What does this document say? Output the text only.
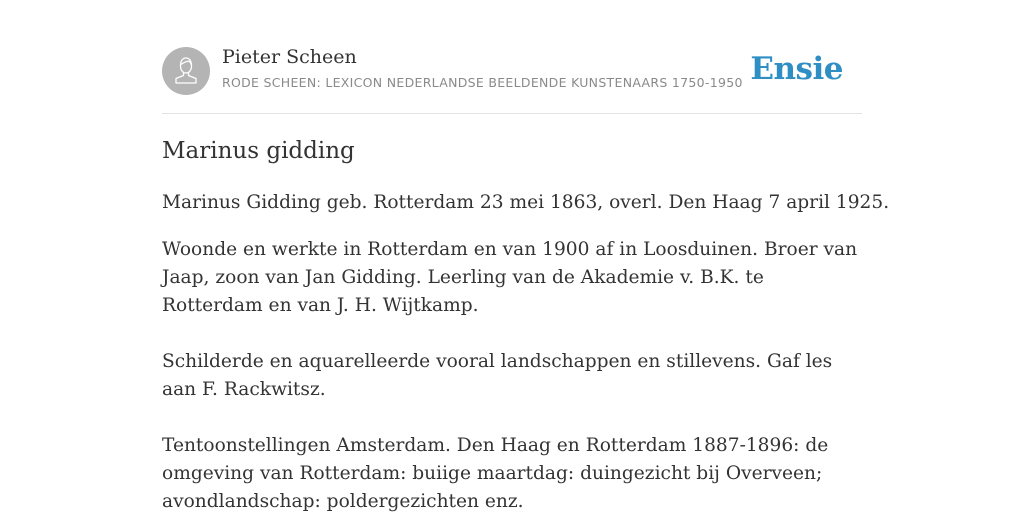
Pieter Scheen
RODE SCHEEN: LEXICON NEDERLANDSE BEELDENDE KUNSTENAARS 1750-1950 Ensie
Marinus gidding

Marinus Gidding geb. Rotterdam 23 mei 1863, overl. Den Haag 7 april 1925.

Woonde en werkte in Rotterdam en van 1900 af in Loosduinen. Broer van Jaap, zoon van Jan Gidding. Leerling van de Akademie v. B.K. te Rotterdam en van J. H. Wijtkamp.

Schilderde en aquarelleerde vooral landschappen en stillevens. Gaf les aan F. Rackwitsz.

Tentoonstellingen Amsterdam. Den Haag en Rotterdam 1887-1896: de omgeving van Rotterdam: buiige maartdag: duingezicht bij Overveen; avondlandschap: poldergezichten enz.
